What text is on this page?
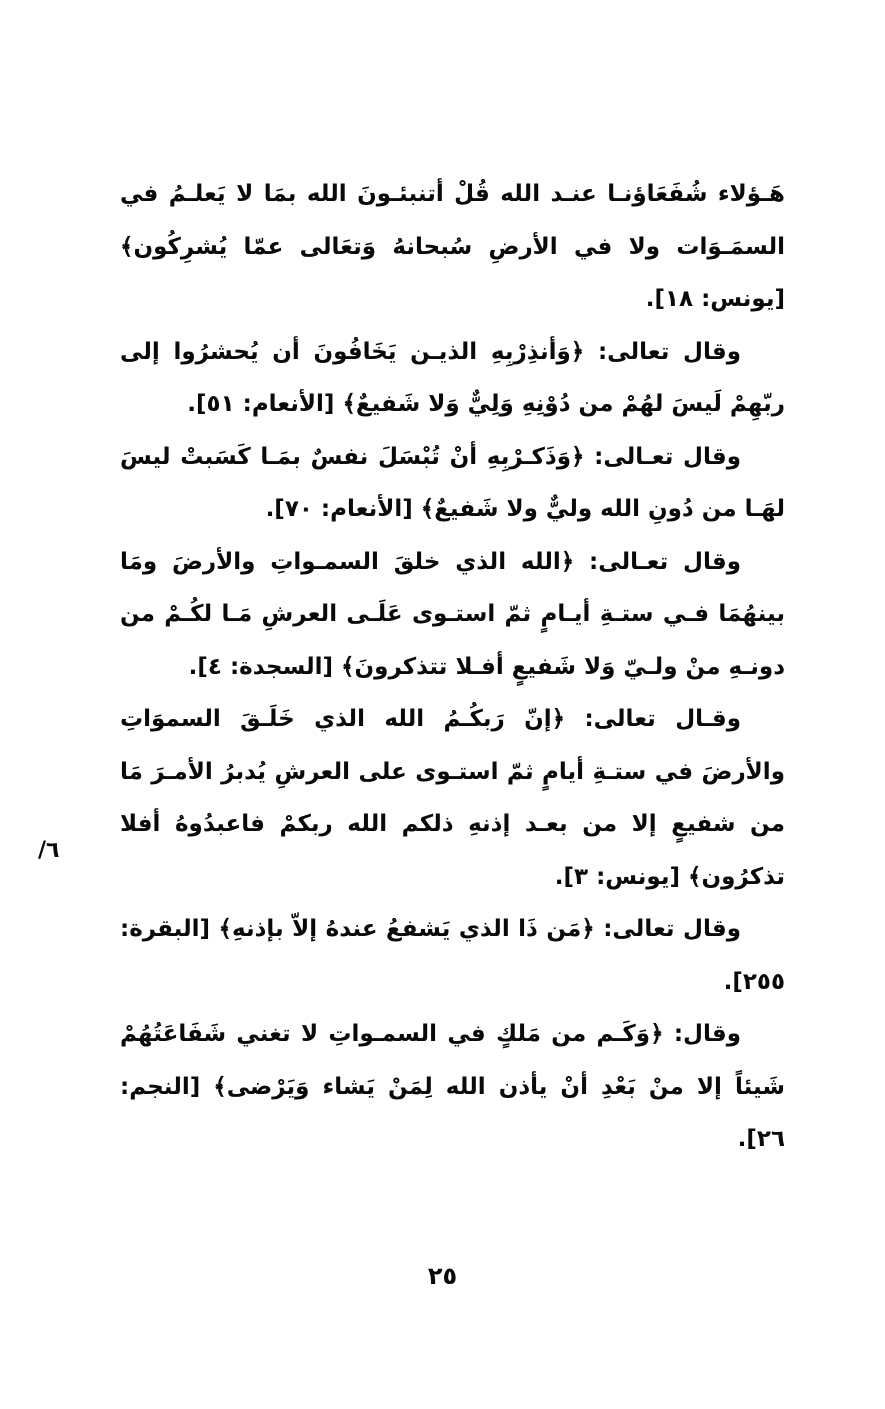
هَـؤلاء شُفَعَاؤنـا عنـد الله قُلْ أتنبئـونَ الله بمَا لا يَعلـمُ في السمَـوَات ولا في الأرضِ سُبحانهُ وَتعَالى عمّا يُشرِكُون﴾ [يونس: ١٨].

وقال تعالى: ﴿وَأنذِرْبِهِ الذيـن يَخَافُونَ أن يُحشرُوا إلى ربّهِمْ لَيسَ لهُمْ من دُوْنِهِ وَلِيٌّ وَلا شَفيعٌ﴾ [الأنعام: ٥١].

وقال تعـالى: ﴿وَذَكـرْبِهِ أنْ تُبْسَلَ نفسٌ بمَـا كَسَبتْ ليسَ لهَـا من دُونِ الله وليٌّ ولا شَفيعٌ﴾ [الأنعام: ٧٠].

وقال تعـالى: ﴿الله الذي خلقَ السمـواتِ والأرضَ ومَا بينهُمَا فـي ستـةِ أيـامٍ ثمّ استـوى عَلَـى العرشِ مَـا لكُـمْ من دونـهِ منْ ولـيّ وَلا شَفيعٍ أفـلا تتذكرونَ﴾ [السجدة: ٤].

وقـال تعالى: ﴿إنّ رَبكُـمُ الله الذي خَلَـقَ السموَاتِ والأرضَ في ستـةِ أيامٍ ثمّ استـوى على العرشِ يُدبرُ الأمـرَ مَا من شفيعٍ إلا من بعـد إذنهِ ذلكم الله ربكمْ فاعبدُوهُ أفلا تذكرُون﴾ [يونس: ٣].

وقال تعالى: ﴿مَن ذَا الذي يَشفعُ عندهُ إلاّ بإذنهِ﴾ [البقرة: ٢٥٥].

وقال: ﴿وَكَـم من مَلكٍ في السمـواتِ لا تغني شَفَاعَتُهُمْ شَيئاً إلا منْ بَعْدِ أنْ يأذن الله لِمَنْ يَشاء وَيَرْضى﴾ [النجم: ٢٦].

٦/
٢٥
